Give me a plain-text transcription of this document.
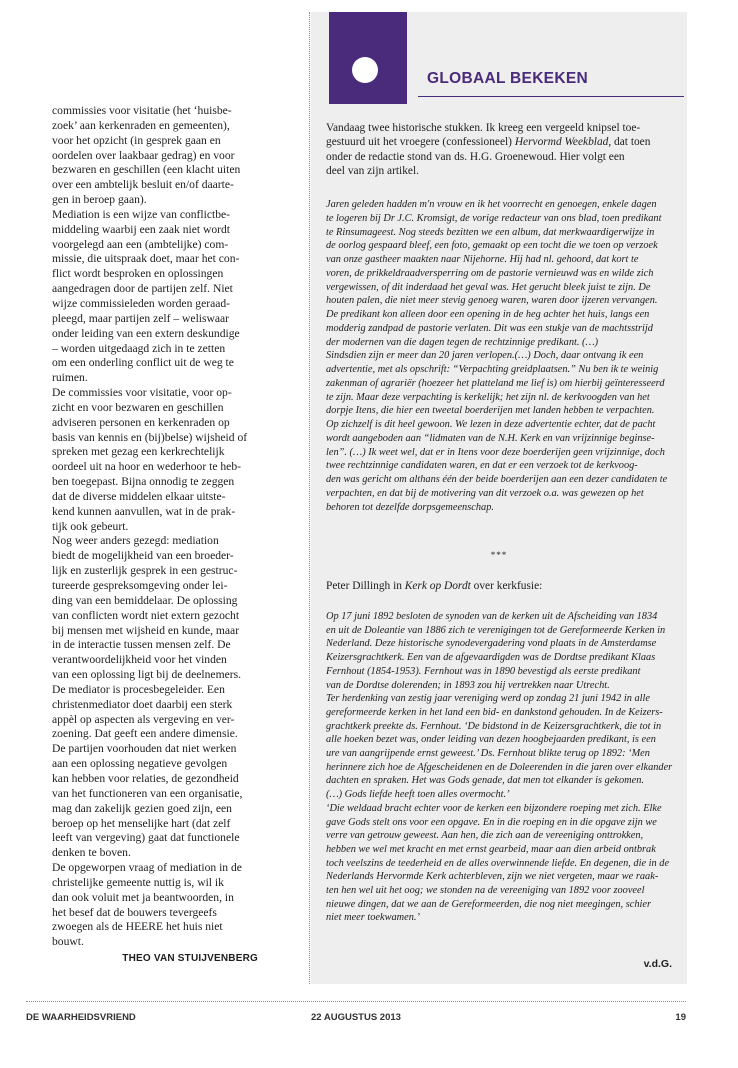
commissies voor visitatie (het ‘huisbe-
zoek’ aan kerkenraden en gemeenten),
voor het opzicht (in gesprek gaan en
oordelen over laakbaar gedrag) en voor
bezwaren en geschillen (een klacht uiten
over een ambtelijk besluit en/of daarte-
gen in beroep gaan).
Mediation is een wijze van conflictbe-
middeling waarbij een zaak niet wordt
voorgelegd aan een (ambtelijke) com-
missie, die uitspraak doet, maar het con-
flict wordt besproken en oplossingen
aangedragen door de partijen zelf. Niet
wijze commissieleden worden geraad-
pleegd, maar partijen zelf – weliswaar
onder leiding van een extern deskundige
– worden uitgedaagd zich in te zetten
om een onderling conflict uit de weg te
ruimen.
De commissies voor visitatie, voor op-
zicht en voor bezwaren en geschillen
adviseren personen en kerkenraden op
basis van kennis en (bij)belse) wijsheid of
spreken met gezag een kerkrechtelijk
oordeel uit na hoor en wederhoor te heb-
ben toegepast. Bijna onnodig te zeggen
dat de diverse middelen elkaar uitste-
kend kunnen aanvullen, wat in de prak-
tijk ook gebeurt.
Nog weer anders gezegd: mediation
biedt de mogelijkheid van een broeder-
lijk en zusterlijk gesprek in een gestruc-
tureerde gespreksomgeving onder lei-
ding van een bemiddelaar. De oplossing
van conflicten wordt niet extern gezocht
bij mensen met wijsheid en kunde, maar
in de interactie tussen mensen zelf. De
verantwoordelijkheid voor het vinden
van een oplossing ligt bij de deelnemers.
De mediator is procesbegeleider. Een
christenmediator doet daarbij een sterk
appèl op aspecten als vergeving en ver-
zoening. Dat geeft een andere dimensie.
De partijen voorhouden dat niet werken
aan een oplossing negatieve gevolgen
kan hebben voor relaties, de gezondheid
van het functioneren van een organisatie,
mag dan zakelijk gezien goed zijn, een
beroep op het menselijke hart (dat zelf
leeft van vergeving) gaat dat functionele
denken te boven.
De opgeworpen vraag of mediation in de
christelijke gemeente nuttig is, wil ik
dan ook voluit met ja beantwoorden, in
het besef dat de bouwers tevergeefs
zwoegen als de HEERE het huis niet
bouwt.

THEO VAN STUIJVENBERG
GLOBAAL BEKEKEN

Vandaag twee historische stukken. Ik kreeg een vergeeld knipsel toe-
gestuurd uit het vroegere (confessioneel) Hervormd Weekblad, dat toen
onder de redactie stond van ds. H.G. Groenewoud. Hier volgt een
deel van zijn artikel.

Jaren geleden hadden m'n vrouw en ik het voorrecht en genoegen, enkele dagen
te logeren bij Dr J.C. Kromsigt, de vorige redacteur van ons blad, toen predikant
te Rinsumageest. Nog steeds bezitten we een album, dat merkwaardigerwijze in
de oorlog gespaard bleef, een foto, gemaakt op een tocht die we toen op verzoek
van onze gastheer maakten naar Nijehorne. Hij had nl. gehoord, dat kort te
voren, de prikkeldraadversperring om de pastorie vernieuwd was en wilde zich
vergewissen, of dit inderdaad het geval was. Het gerucht bleek juist te zijn. De
houten palen, die niet meer stevig genoeg waren, waren door ijzeren vervangen.
De predikant kon alleen door een opening in de heg achter het huis, langs een
modderig zandpad de pastorie verlaten. Dit was een stukje van de machtsstrijd
der modernen van die dagen tegen de rechtzinnige predikant. (…)
Sindsdien zijn er meer dan 20 jaren verlopen.(…) Doch, daar ontvang ik een
advertentie, met als opschrift: “Verpachting greidplaatsen.” Nu ben ik te weinig
zakenman of agrariër (hoezeer het platteland me lief is) om hierbij geïnteresseerd
te zijn. Maar deze verpachting is kerkelijk; het zijn nl. de kerkvoogden van het
dorpje Itens, die hier een tweetal boerderijen met landen hebben te verpachten.
Op zichzelf is dit heel gewoon. We lezen in deze advertentie echter, dat de pacht
wordt aangeboden aan “lidmaten van de N.H. Kerk en van vrijzinnige beginse-
len”. (…) Ik weet wel, dat er in Itens voor deze boerderijen geen vrijzinnige, doch
twee rechtzinnige candidaten waren, en dat er een verzoek tot de kerkvoog-
den was gericht om althans één der beide boerderijen aan een dezer candidaten te
verpachten, en dat bij de motivering van dit verzoek o.a. was gewezen op het
behoren tot dezelfde dorpsgemeenschap.

***

Peter Dillingh in Kerk op Dordt over kerkfusie:

Op 17 juni 1892 besloten de synoden van de kerken uit de Afscheiding van 1834
en uit de Doleantie van 1886 zich te verenigingen tot de Gereformeerde Kerken in
Nederland. Deze historische synodevergadering vond plaats in de Amsterdamse
Keizersgrachtkerk. Een van de afgevaardigden was de Dordtse predikant Klaas
Fernhout (1854-1953). Fernhout was in 1890 bevestigd als eerste predikant
van de Dordtse dolerenden; in 1893 zou hij vertrekken naar Utrecht.
Ter herdenking van zestig jaar vereniging werd op zondag 21 juni 1942 in alle
gereformeerde kerken in het land een bid- en dankstond gehouden. In de Keizers-
grachtkerk preekte ds. Fernhout. ‘De bidstond in de Keizersgrachtkerk, die tot in
alle hoeken bezet was, onder leiding van dezen hoogbejaarden predikant, is een
ure van aangrijpende ernst geweest.’ Ds. Fernhout blikte terug op 1892: ‘Men
herinnere zich hoe de Afgescheidenen en de Doleerenden in die jaren over elkander
dachten en spraken. Het was Gods genade, dat men tot elkander is gekomen.
(…) Gods liefde heeft toen alles overmocht.’
‘Die weldaad bracht echter voor de kerken een bijzondere roeping met zich. Elke
gave Gods stelt ons voor een opgave. En in die roeping en in die opgave zijn we
verre van getrouw geweest. Aan hen, die zich aan de vereeniging onttrokken,
hebben we wel met kracht en met ernst gearbeid, maar aan dien arbeid ontbrak
toch veelszins de teederheid en de alles overwinnende liefde. En degenen, die in de
Nederlands Hervormde Kerk achterbleven, zijn we niet vergeten, maar we raak-
ten hen wel uit het oog; we stonden na de vereeniging van 1892 voor zooveel
nieuwe dingen, dat we aan de Gereformeerden, die nog niet meegingen, schier
niet meer toekwamen.’

v.d.G.
DE WAARHEIDSVRIEND	22 AUGUSTUS 2013	19
